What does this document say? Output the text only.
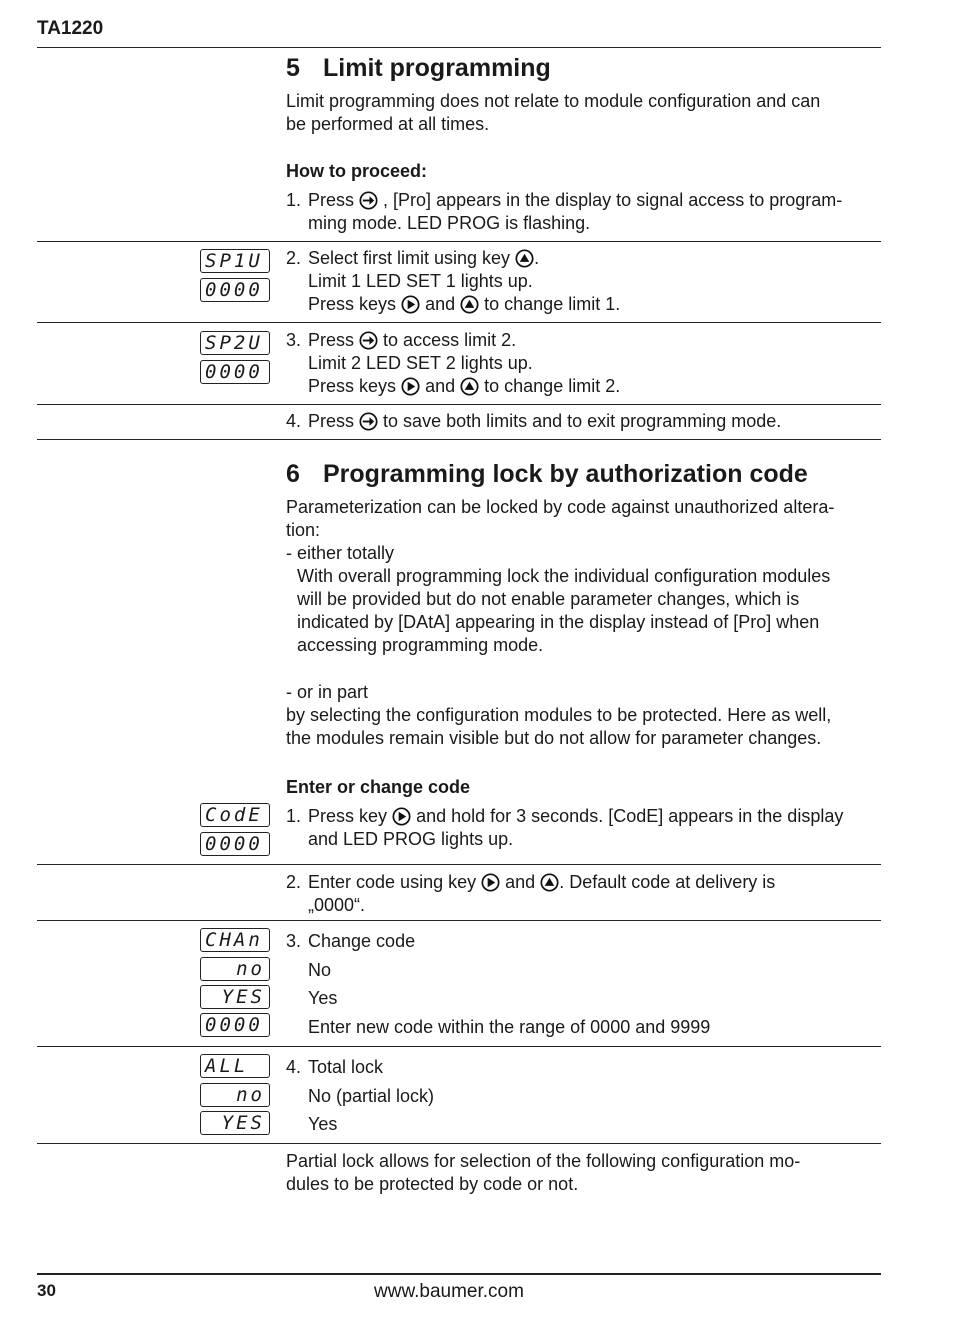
TA1220
5 Limit programming
Limit programming does not relate to module configuration and can
be performed at all times.
How to proceed:
1. Press , [Pro] appears in the display to signal access to program-
ming mode. LED PROG is flashing.
SP1U
0000
2. Select first limit using key .
Limit 1 LED SET 1 lights up.
Press keys and to change limit 1.
SP2U
0000
3. Press to access limit 2.
Limit 2 LED SET 2 lights up.
Press keys and to change limit 2.
4. Press to save both limits and to exit programming mode.
6 Programming lock by authorization code
Parameterization can be locked by code against unauthorized altera-
tion:
- either totally
With overall programming lock the individual configuration modules
will be provided but do not enable parameter changes, which is
indicated by [DAtA] appearing in the display instead of [Pro] when
accessing programming mode.
- or in part
by selecting the configuration modules to be protected. Here as well,
the modules remain visible but do not allow for parameter changes.
Enter or change code
CodE
0000
1. Press key and hold for 3 seconds. [CodE] appears in the display
and LED PROG lights up.
2. Enter code using key and . Default code at delivery is
„0000“.
CHAn
no
YES
0000
3. Change code
No
Yes
Enter new code within the range of 0000 and 9999
ALL
no
YES
4. Total lock
No (partial lock)
Yes
Partial lock allows for selection of the following configuration mo-
dules to be protected by code or not.
30	www.baumer.com
